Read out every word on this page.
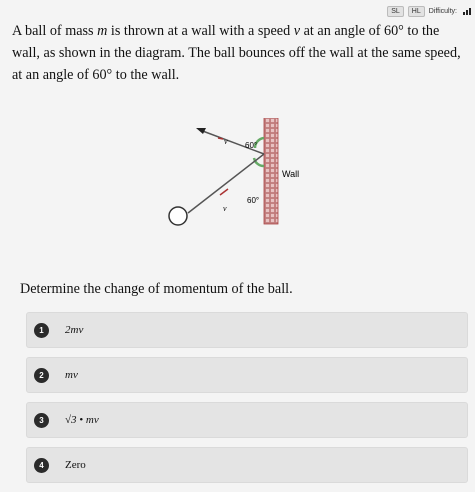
SL	HL	Difficulty:
A ball of mass m is thrown at a wall with a speed v at an angle of 60° to the wall, as shown in the diagram. The ball bounces off the wall at the same speed, at an angle of 60° to the wall.
v
v
60°
60°
Wall
Determine the change of momentum of the ball.
1	2mv
2	mv
3	√3 • mv
4	Zero
